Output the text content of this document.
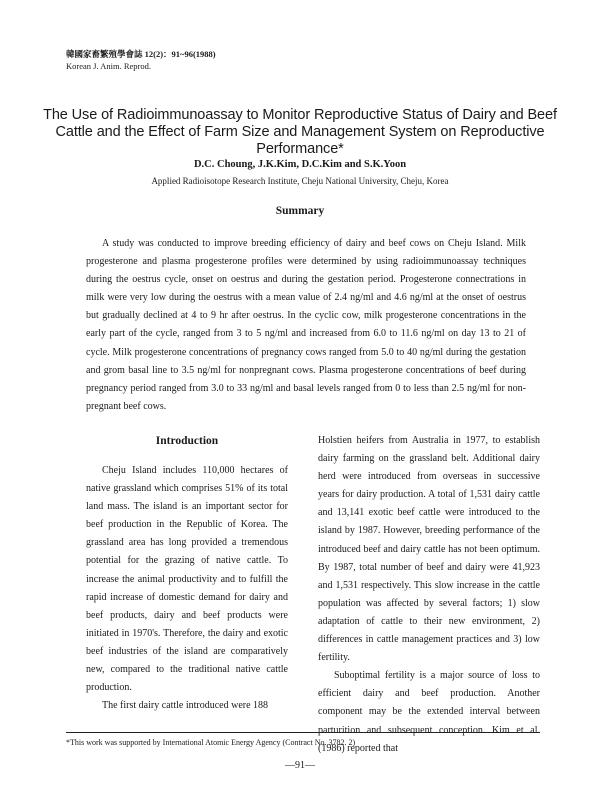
韓國家畜繁殖學會誌 12(2)：91~96(1988)
Korean J. Anim. Reprod.
The Use of Radioimmunoassay to Monitor Reproductive Status of Dairy and Beef Cattle and the Effect of Farm Size and Management System on Reproductive Performance*
D.C. Choung, J.K.Kim, D.C.Kim and S.K.Yoon
Applied Radioisotope Research Institute, Cheju National University, Cheju, Korea
Summary

A study was conducted to improve breeding efficiency of dairy and beef cows on Cheju Island. Milk progesterone and plasma progesterone profiles were determined by using radioimmunoassay techniques during the oestrus cycle, onset on oestrus and during the gestation period. Progesterone connectrations in milk were very low during the oestrus with a mean value of 2.4 ng/ml and 4.6 ng/ml at the onset of oestrus but gradually declined at 4 to 9 hr after oestrus. In the cyclic cow, milk progesterone concentrations in the early part of the cycle, ranged from 3 to 5 ng/ml and increased from 6.0 to 11.6 ng/ml on day 13 to 21 of cycle. Milk progesterone concentrations of pregnancy cows ranged from 5.0 to 40 ng/ml during the gestation and grom basal line to 3.5 ng/ml for nonpregnant cows. Plasma progesterone concentrations of beef during pregnancy period ranged from 3.0 to 33 ng/ml and basal levels ranged from 0 to less than 2.5 ng/ml for non-pregnant beef cows.

Introduction

Cheju Island includes 110,000 hectares of native grassland which comprises 51% of its total land mass. The island is an important sector for beef production in the Republic of Korea. The grassland area has long provided a tremendous potential for the grazing of native cattle. To increase the animal productivity and to fulfill the rapid increase of domestic demand for dairy and beef products, dairy and beef products were initiated in 1970's. Therefore, the dairy and exotic beef industries of the island are comparatively new, compared to the traditional native cattle production.

The first dairy cattle introduced were 188

Holstien heifers from Australia in 1977, to establish dairy farming on the grassland belt. Additional dairy herd were introduced from overseas in successive years for dairy production. A total of 1,531 dairy cattle and 13,141 exotic beef cattle were introduced to the island by 1987. However, breeding performance of the introduced beef and dairy cattle has not been optimum. By 1987, total number of beef and dairy were 41,923 and 1,531 respectively. This slow increase in the cattle population was affected by several factors; 1) slow adaptation of cattle to their new environment, 2) differences in cattle management practices and 3) low fertility.

Suboptimal fertility is a major source of loss to efficient dairy and beef production. Another component may be the extended interval between parturition and subsequent conception. Kim et al. (1986) reported that

*This work was supported by International Atomic Energy Agency (Contract No. 3782. 2)
—91—
